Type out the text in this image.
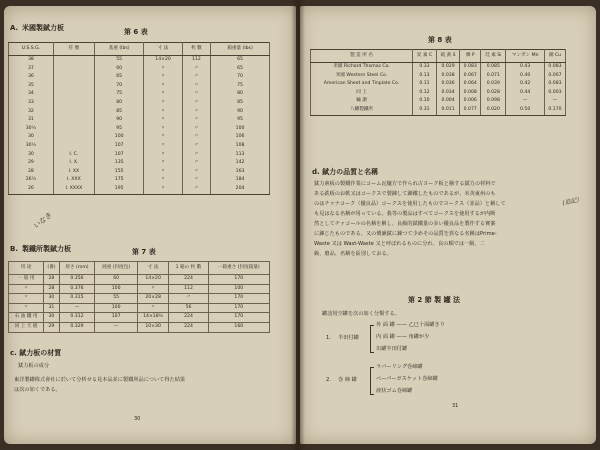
A. 米國製錻力板	第 6 表
U.S.S.G.	符 號	基重 (lbs)	寸 法	枚 數	箱重量 (lbs)
38		55	14×20	112	65
37		60	〃	〃	65
36		65	〃	〃	70
35		70	〃	〃	75
34		75	〃	〃	80
33		80	〃	〃	85
32		85	〃	〃	90
31		90	〃	〃	95
30½		95	〃	〃	100
30		100	〃	〃	106
30½		107	〃	〃	108
30	I. C.	107	〃	〃	113
29	I. X.	135	〃	〃	142
28	I. XX	155	〃	〃	163
26½	I. XXX	175	〃	〃	184
26	I. XXXX	195	〃	〃	204
いなき
B. 製鐵所製錻力板	第 7 表
用 途	(番)	厚さ (mm)	純重 (封度包)	寸 法	1 箱の 枚 數	一箱重さ (封度箱量)
一 般 用	28	0.356	60	14×20	224	170
〃	28	0.376	100	〃	112	100
〃	30	0.315	55	20×28	〃	170
〃	31	—	100	〃	56	170
石 油 罐 用	30	0.312	107	14×18½	224	170
同 上 天 板	29	0.329	—	10×30	224	160
c. 錻力板の材質
錻力板の成分
東洋製罐株式會社に於いて分析せる見本品並に製鐵所品について得た結果
は次の如くである。
30
第 8 表
製 造 所 名	炭 素 C	硫 黃 S	燐 P	珪 素 Si	マンガン Mn	銅 Cu
米國 Richard Thomas Co.	0.33	0.029	0.083	0.085	0.43	0.083
米國 Western Steel Co.	0.13	0.038	0.067	0.071	0.40	0.067
American Sheet and Tinplate Co.	0.11	0.036	0.064	0.039	0.42	0.083
同 上	0.12	0.034	0.008	0.028	0.44	0.003
輸 謝	0.10	0.004	0.006	0.098	—	—
八幡製鐵所	0.31	0.011	0.077	0.020	0.50	0.170
d. 錻力の品質と名稱
錻力素板の製鐵作業にコーム瓦爐方で作られ古ヨーク板と稱する錻力の材料で
ある鉄板のお軟又はコークスで製錬して錬鐵したものであるが、未英東州のも
のはチァナコーク（優良品）コークスを使用したものでヨークス（並品）と稱して
も見はなる名稱が用っている。我等の製品はすべてコークスを使用するが内断
然としてチァコールの名稱を稱し、良級的錻鐵量の多い優良品を製作する實案
に錬じたものである。又の價廉錻に錬つて少めその品質を異なる名稱はPrime-
Waste 又は Wast-Waste 又と呼ばれるものに分れ、良の順では一級、二
級、廢品、名稱を區別しておる。
(追記）
第 2 節 製 罐 法
罐詰用空罐を次の如く分類する。
1. 半田付罐
外 面 罐 —— 乙巳十面罐きり
内 面 罐 —— 角罐が少
缶罐半田付罐
2. 巻 締 罐
ラバーリング巻締罐
ペーパーガスケット巻締罐
液状ゴム巻締罐
31
